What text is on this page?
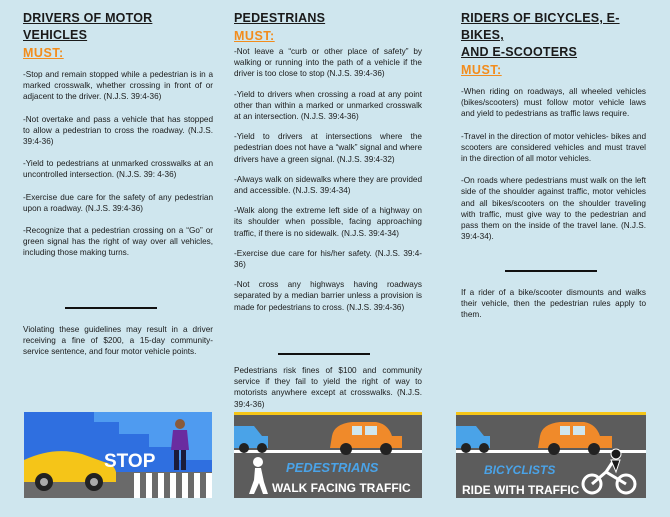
DRIVERS OF MOTOR VEHICLES
MUST:

-Stop and remain stopped while a pedestrian is in a marked crosswalk, whether crossing in front of or adjacent to the driver. (N.J.S. 39:4-36)

-Not overtake and pass a vehicle that has stopped to allow a pedestrian to cross the roadway. (N.J.S. 39:4-36)

-Yield to pedestrians at unmarked crosswalks at an uncontrolled intersection. (N.J.S. 39: 4-36)

-Exercise due care for the safety of any pedestrian upon a roadway. (N.J.S. 39:4-36)

-Recognize that a pedestrian crossing on a “Go” or green signal has the right of way over all vehicles, including those making turns.

Violating these guidelines may result in a driver receiving a fine of $200, a 15-day community-service sentence, and four motor vehicle points.

PEDESTRIANS
MUST:

-Not leave a “curb or other place of safety” by walking or running into the path of a vehicle if the driver is too close to stop (N.J.S. 39:4-36)

-Yield to drivers when crossing a road at any point other than within a marked or unmarked crosswalk at an intersection. (N.J.S. 39:4-36)

-Yield to drivers at intersections where the pedestrian does not have a “walk” signal and where drivers have a green signal. (N.J.S. 39:4-32)

-Always walk on sidewalks where they are provided and accessible. (N.J.S. 39:4-34)

-Walk along the extreme left side of a highway on its shoulder when possible, facing approaching traffic, if there is no sidewalk. (N.J.S. 39:4-34)

-Exercise due care for his/her safety. (N.J.S. 39:4-36)

-Not cross any highways having roadways separated by a median barrier unless a provision is made for pedestrians to cross. (N.J.S. 39:4-36)

Pedestrians risk fines of $100 and community service if they fail to yield the right of way to motorists anywhere except at crosswalks. (N.J.S. 39:4-36)

RIDERS OF BICYCLES, E-BIKES,
AND E-SCOOTERS
MUST:

-When riding on roadways, all wheeled vehicles (bikes/scooters) must follow motor vehicle laws and yield to pedestrians as traffic laws require.

-Travel in the direction of motor vehicles- bikes and scooters are considered vehicles and must travel in the direction of all motor vehicles.

-On roads where pedestrians must walk on the left side of the shoulder against traffic, motor vehicles and all bikes/scooters on the shoulder traveling with traffic, must give way to the pedestrian and pass them on the inside of the travel lane. (N.J.S. 39:4-34).

If a rider of a bike/scooter dismounts and walks their vehicle, then the pedestrian rules apply to them.

STOP	PEDESTRIANS
WALK FACING TRAFFIC
BICYCLISTS
RIDE WITH TRAFFIC
